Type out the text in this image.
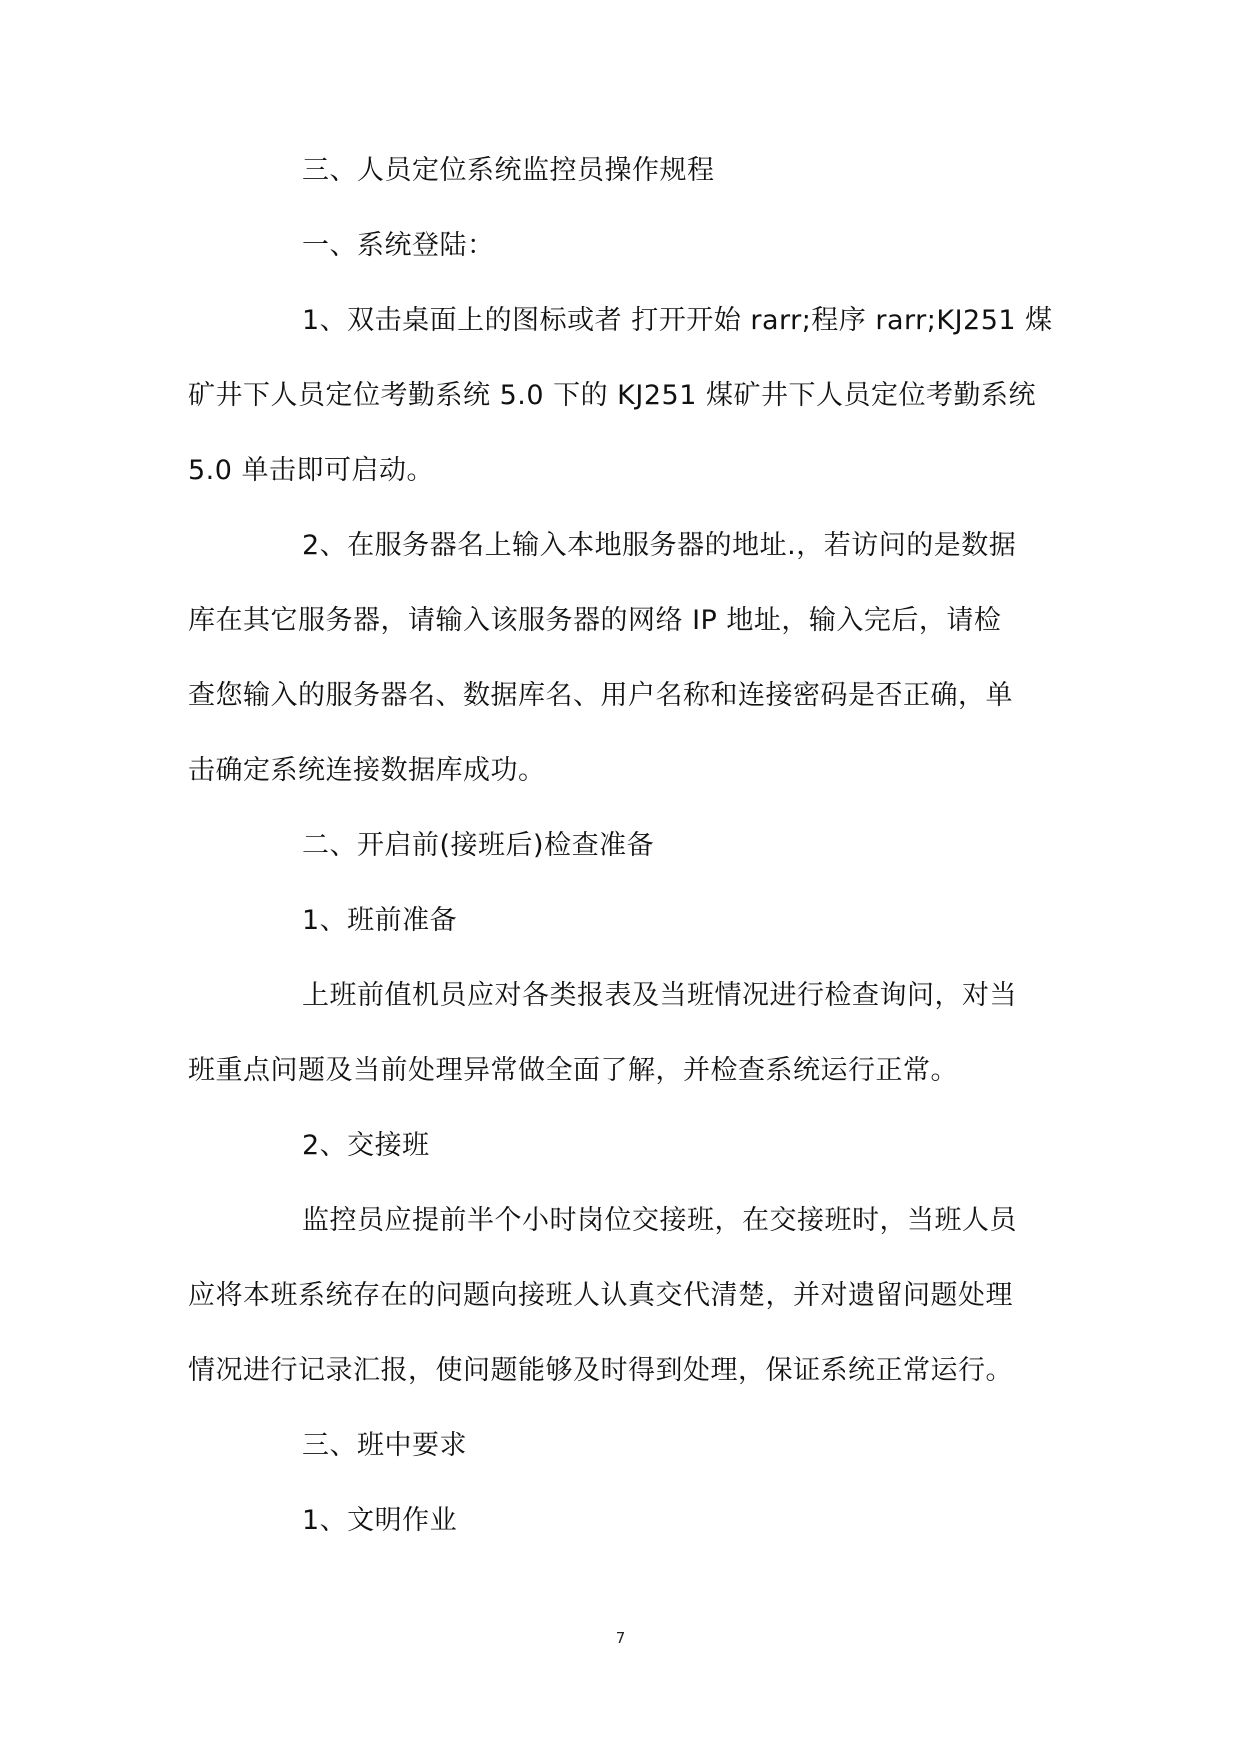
三、人员定位系统监控员操作规程
一、系统登陆：
1、双击桌面上的图标或者 打开开始 rarr;程序 rarr;KJ251 煤
矿井下人员定位考勤系统 5.0 下的 KJ251 煤矿井下人员定位考勤系统
5.0 单击即可启动。
2、在服务器名上输入本地服务器的地址.，若访问的是数据
库在其它服务器，请输入该服务器的网络 IP 地址，输入完后，请检
查您输入的服务器名、数据库名、用户名称和连接密码是否正确，单
击确定系统连接数据库成功。
二、开启前(接班后)检查准备
1、班前准备
上班前值机员应对各类报表及当班情况进行检查询问，对当
班重点问题及当前处理异常做全面了解，并检查系统运行正常。
2、交接班
监控员应提前半个小时岗位交接班，在交接班时，当班人员
应将本班系统存在的问题向接班人认真交代清楚，并对遗留问题处理
情况进行记录汇报，使问题能够及时得到处理，保证系统正常运行。
三、班中要求
1、文明作业
7
